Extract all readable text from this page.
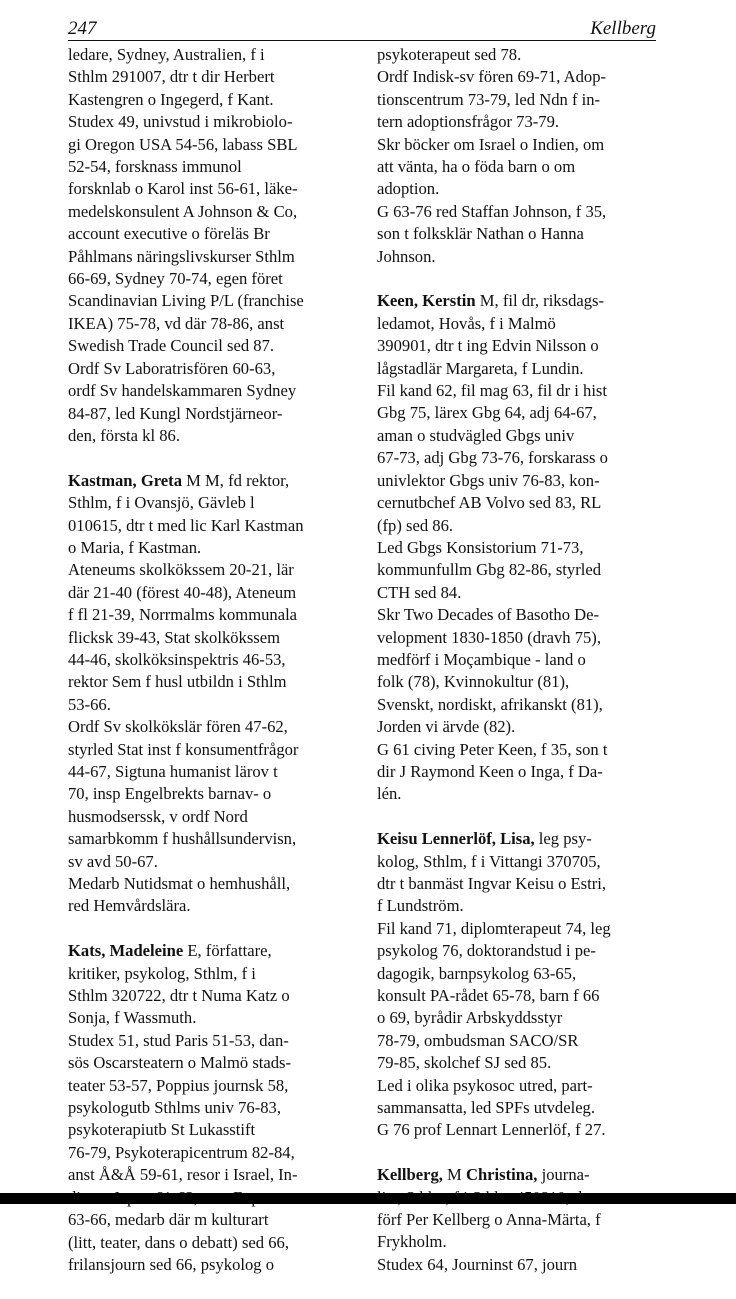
247	Kellberg

ledare, Sydney, Australien, f i
Sthlm 291007, dtr t dir Herbert
Kastengren o Ingegerd, f Kant.

Studex 49, univstud i mikrobiolo-
gi Oregon USA 54-56, labass SBL
52-54, forsknass immunol
forsknlab o Karol inst 56-61, läke-
medelskonsulent A Johnson & Co,
account executive o föreläs Br
Påhlmans näringslivskurser Sthlm
66-69, Sydney 70-74, egen föret
Scandinavian Living P/L (franchise
IKEA) 75-78, vd där 78-86, anst
Swedish Trade Council sed 87.

Ordf Sv Laboratrisfören 60-63,
ordf Sv handelskammaren Sydney
84-87, led Kungl Nordstjärneor-
den, första kl 86.

Kastman, Greta M M, fd rektor,
Sthlm, f i Ovansjö, Gävleb l
010615, dtr t med lic Karl Kastman
o Maria, f Kastman.

Ateneums skolkökssem 20-21, lär
där 21-40 (förest 40-48), Ateneum
f fl 21-39, Norrmalms kommunala
flicksk 39-43, Stat skolkökssem
44-46, skolköksinspektris 46-53,
rektor Sem f husl utbildn i Sthlm
53-66.

Ordf Sv skolkökslär fören 47-62,
styrled Stat inst f konsumentfrågor
44-67, Sigtuna humanist lärov t
70, insp Engelbrekts barnav- o
husmodserssk, v ordf Nord
samarbkomm f hushållsundervisn,
sv avd 50-67.

Medarb Nutidsmat o hemhushåll,
red Hemvårdslära.

Kats, Madeleine E, författare,
kritiker, psykolog, Sthlm, f i
Sthlm 320722, dtr t Numa Katz o
Sonja, f Wassmuth.

Studex 51, stud Paris 51-53, dan-
sös Oscarsteatern o Malmö stads-
teater 53-57, Poppius journsk 58,
psykologutb Sthlms univ 76-83,
psykoterapiutb St Lukasstift
76-79, Psykoterapicentrum 82-84,
anst Å&Å 59-61, resor i Israel, In-

63-66, medarb där m kulturart
(litt, teater, dans o debatt) sed 66,
frilansjourn sed 66, psykolog o

psykoterapeut sed 78.

Ordf Indisk-sv fören 69-71, Adop-
tionscentrum 73-79, led Ndn f in-
tern adoptionsfrågor 73-79.

Skr böcker om Israel o Indien, om
att vänta, ha o föda barn o om
adoption.

G 63-76 red Staffan Johnson, f 35,
son t folksklär Nathan o Hanna
Johnson.

Keen, Kerstin M, fil dr, riksdags-
ledamot, Hovås, f i Malmö
390901, dtr t ing Edvin Nilsson o
lågstadlär Margareta, f Lundin.

Fil kand 62, fil mag 63, fil dr i hist
Gbg 75, lärex Gbg 64, adj 64-67,
aman o studvägled Gbgs univ
67-73, adj Gbg 73-76, forskarass o
univlektor Gbgs univ 76-83, kon-
cernutbchef AB Volvo sed 83, RL
(fp) sed 86.

Led Gbgs Konsistorium 71-73,
kommunfullm Gbg 82-86, styrled
CTH sed 84.

Skr Two Decades of Basotho De-
velopment 1830-1850 (dravh 75),
medförf i Moçambique - land o
folk (78), Kvinnokultur (81),
Svenskt, nordiskt, afrikanskt (81),
Jorden vi ärvde (82).

G 61 civing Peter Keen, f 35, son t
dir J Raymond Keen o Inga, f Da-
lén.

Keisu Lennerlöf, Lisa, leg psy-
kolog, Sthlm, f i Vittangi 370705,
dtr t banmäst Ingvar Keisu o Estri,
f Lundström.

Fil kand 71, diplomterapeut 74, leg
psykolog 76, doktorandstud i pe-
dagogik, barnpsykolog 63-65,
konsult PA-rådet 65-78, barn f 66
o 69, byrådir Arbskyddsstyr
78-79, ombudsman SACO/SR
79-85, skolchef SJ sed 85.

Led i olika psykosoc utred, part-
sammansatta, led SPFs utvdeleg.

G 76 prof Lennart Lennerlöf, f 27.

Kellberg, M Christina, journa-

förf Per Kellberg o Anna-Märta, f
Frykholm.

Studex 64, Journinst 67, journ
